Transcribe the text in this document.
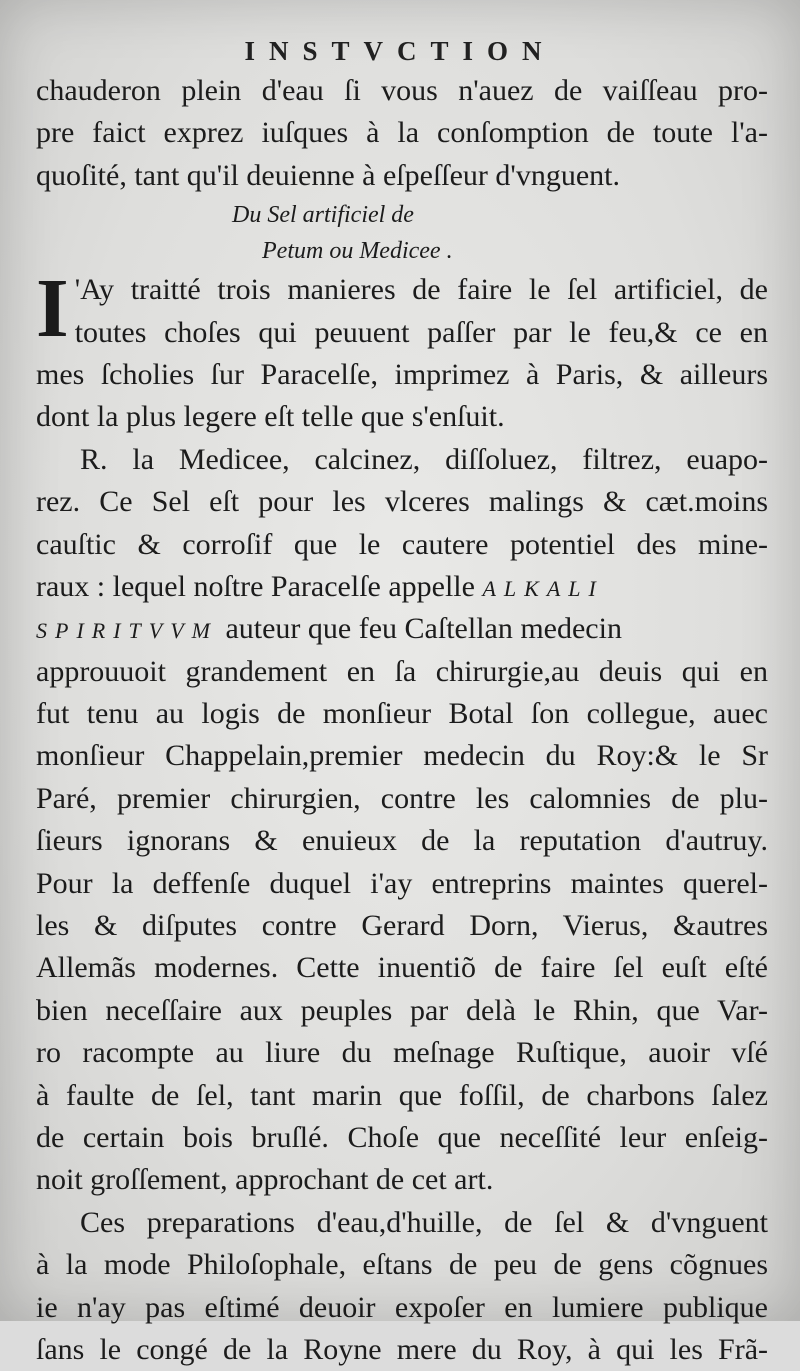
INSTVCTION
chauderon plein d'eau ſi vous n'auez de vaiſſeau pro-
pre faict exprez iuſques à la conſomption de toute l'a-
quoſité, tant qu'il deuienne à eſpeſſeur d'vnguent.
Du Sel artificiel de
Petum ou Medicee .
I 'Ay traitté trois manieres de faire le ſel artificiel, de
toutes choſes qui peuuent paſſer par le feu,& ce en
mes ſcholies ſur Paracelſe, imprimez à Paris, & ailleurs
dont la plus legere eſt telle que s'enſuit.
R. la Medicee, calcinez, diſſoluez, filtrez, euapo-
rez. Ce Sel eſt pour les vlceres malings & cæt.moins
cauſtic & corroſif que le cautere potentiel des mine-
raux : lequel noſtre Paracelſe appelle ALKALI
SPIRITVVM auteur que feu Caſtellan medecin
approuuoit grandement en ſa chirurgie,au deuis qui en
fut tenu au logis de monſieur Botal ſon collegue, auec
monſieur Chappelain,premier medecin du Roy:& le Sr
Paré, premier chirurgien, contre les calomnies de plu-
ſieurs ignorans & enuieux de la reputation d'autruy.
Pour la deffenſe duquel i'ay entreprins maintes querel-
les & diſputes contre Gerard Dorn, Vierus, &autres
Allemãs modernes. Cette inuentiõ de faire ſel euſt eſté
bien neceſſaire aux peuples par delà le Rhin, que Var-
ro racompte au liure du meſnage Ruſtique, auoir vſé
à faulte de ſel, tant marin que foſſil, de charbons ſalez
de certain bois bruſlé. Choſe que neceſſité leur enſeig-
noit groſſement, approchant de cet art.
Ces preparations d'eau,d'huille, de ſel & d'vnguent
à la mode Philoſophale, eſtans de peu de gens cõgnues
ie n'ay pas eſtimé deuoir expoſer en lumiere publique
ſans le congé de la Royne mere du Roy, à qui les Frã-
